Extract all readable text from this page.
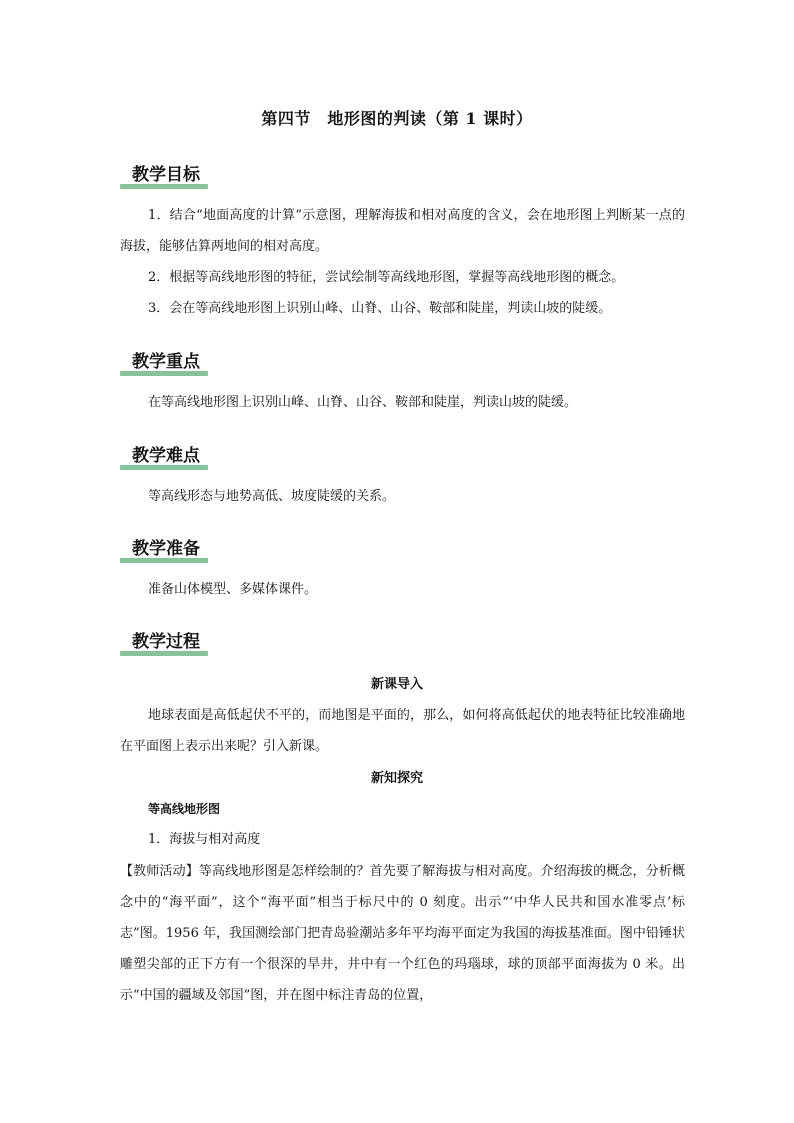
第四节　地形图的判读（第 1 课时）
教学目标
1．结合“地面高度的计算”示意图，理解海拔和相对高度的含义，会在地形图上判断某一点的海拔，能够估算两地间的相对高度。
2．根据等高线地形图的特征，尝试绘制等高线地形图，掌握等高线地形图的概念。
3．会在等高线地形图上识别山峰、山脊、山谷、鞍部和陡崖，判读山坡的陡缓。
教学重点
在等高线地形图上识别山峰、山脊、山谷、鞍部和陡崖，判读山坡的陡缓。
教学难点
等高线形态与地势高低、坡度陡缓的关系。
教学准备
准备山体模型、多媒体课件。
教学过程
新课导入
地球表面是高低起伏不平的，而地图是平面的，那么，如何将高低起伏的地表特征比较准确地在平面图上表示出来呢？引入新课。
新知探究
等高线地形图
1．海拔与相对高度
【教师活动】等高线地形图是怎样绘制的？首先要了解海拔与相对高度。介绍海拔的概念，分析概念中的“海平面”，这个“海平面”相当于标尺中的 0 刻度。出示“‘中华人民共和国水准零点’标志”图。1956 年，我国测绘部门把青岛验潮站多年平均海平面定为我国的海拔基准面。图中铅锤状雕塑尖部的正下方有一个很深的旱井，井中有一个红色的玛瑙球，球的顶部平面海拔为 0 米。出示“中国的疆域及邻国”图，并在图中标注青岛的位置，
